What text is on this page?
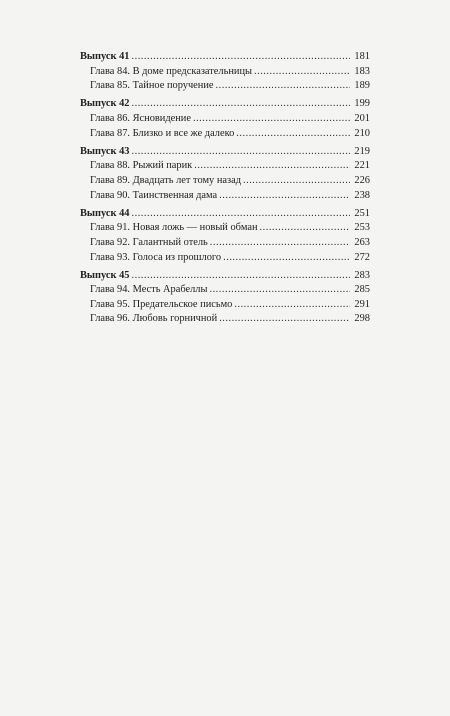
Выпуск 41 .....	181
Глава 84. В доме предсказательницы .....	183
Глава 85. Тайное поручение .....	189
Выпуск 42 .....	199
Глава 86. Ясновидение .....	201
Глава 87. Близко и все же далеко .....	210
Выпуск 43 .....	219
Глава 88. Рыжий парик .....	221
Глава 89. Двадцать лет тому назад .....	226
Глава 90. Таинственная дама .....	238
Выпуск 44 .....	251
Глава 91. Новая ложь — новый обман .....	253
Глава 92. Галантный отель .....	263
Глава 93. Голоса из прошлого .....	272
Выпуск 45 .....	283
Глава 94. Месть Арабеллы .....	285
Глава 95. Предательское письмо .....	291
Глава 96. Любовь горничной .....	298
